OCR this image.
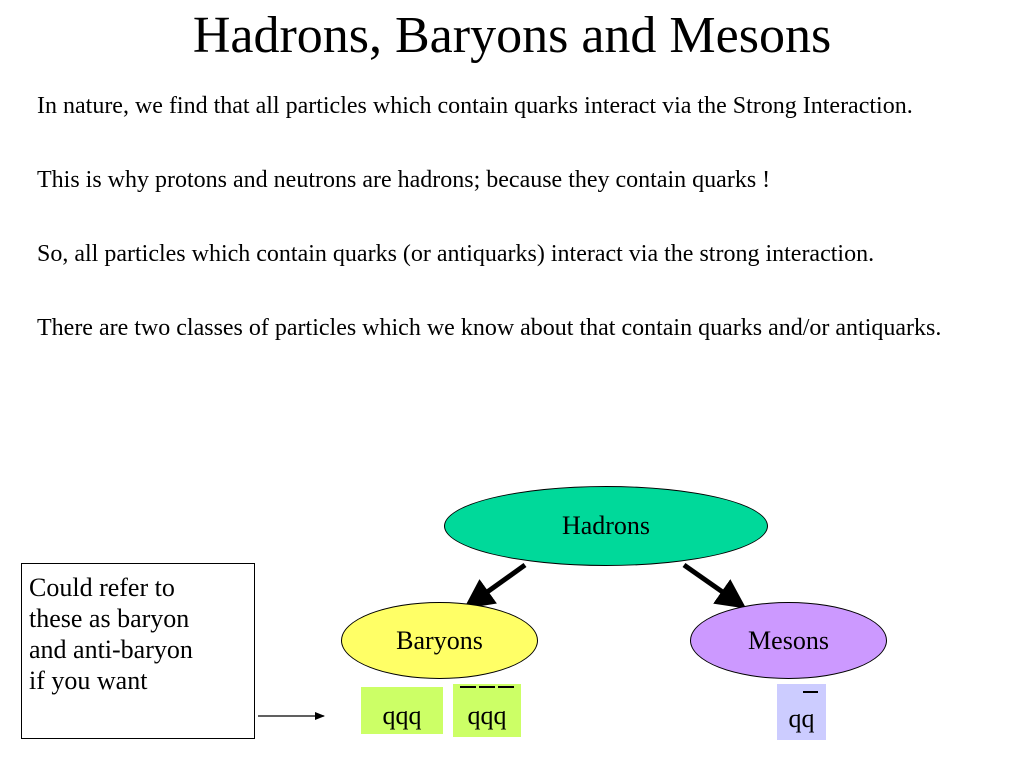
Hadrons, Baryons and Mesons

In nature, we find that all particles which contain quarks interact via the Strong Interaction.

This is why protons and neutrons are hadrons; because they contain quarks !

So, all particles which contain quarks (or antiquarks) interact via the strong interaction.

There are two classes of particles which we know about that contain quarks and/or antiquarks.

Hadrons
Baryons	Mesons
Could refer to
these as baryon
and anti-baryon
if you want
qqq	qqq	qq
